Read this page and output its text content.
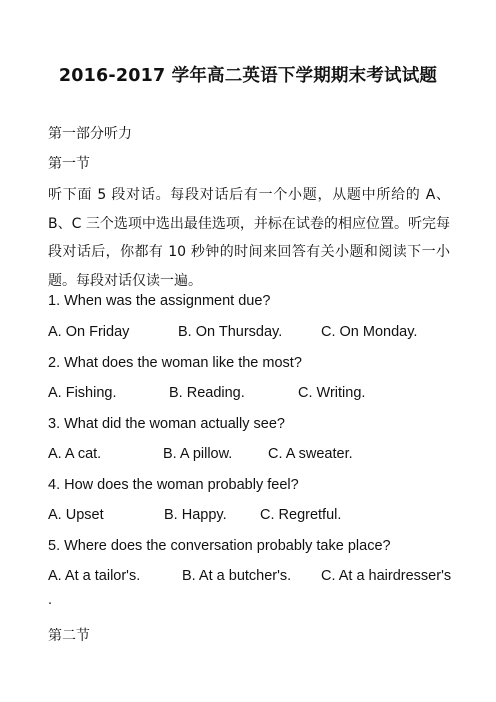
2016-2017 学年高二英语下学期期末考试试题
第一部分听力
第一节
听下面 5 段对话。每段对话后有一个小题，从题中所给的 A、B、C 三个选项中选出最佳选项，并标在试卷的相应位置。听完每段对话后，你都有 10 秒钟的时间来回答有关小题和阅读下一小题。每段对话仅读一遍。
1. When was the assignment due?
A. On Friday	B. On Thursday.	C. On Monday.
2. What does the woman like the most?
A. Fishing.	B. Reading.	C. Writing.
3. What did the woman actually see?
A. A cat.	B. A pillow. C. A sweater.
4. How does the woman probably feel?
A. Upset	B. Happy. C. Regretful.
5. Where does the conversation probably take place?
A. At a tailor's.	B. At a butcher's. C. At a hairdresser's
.
第二节
